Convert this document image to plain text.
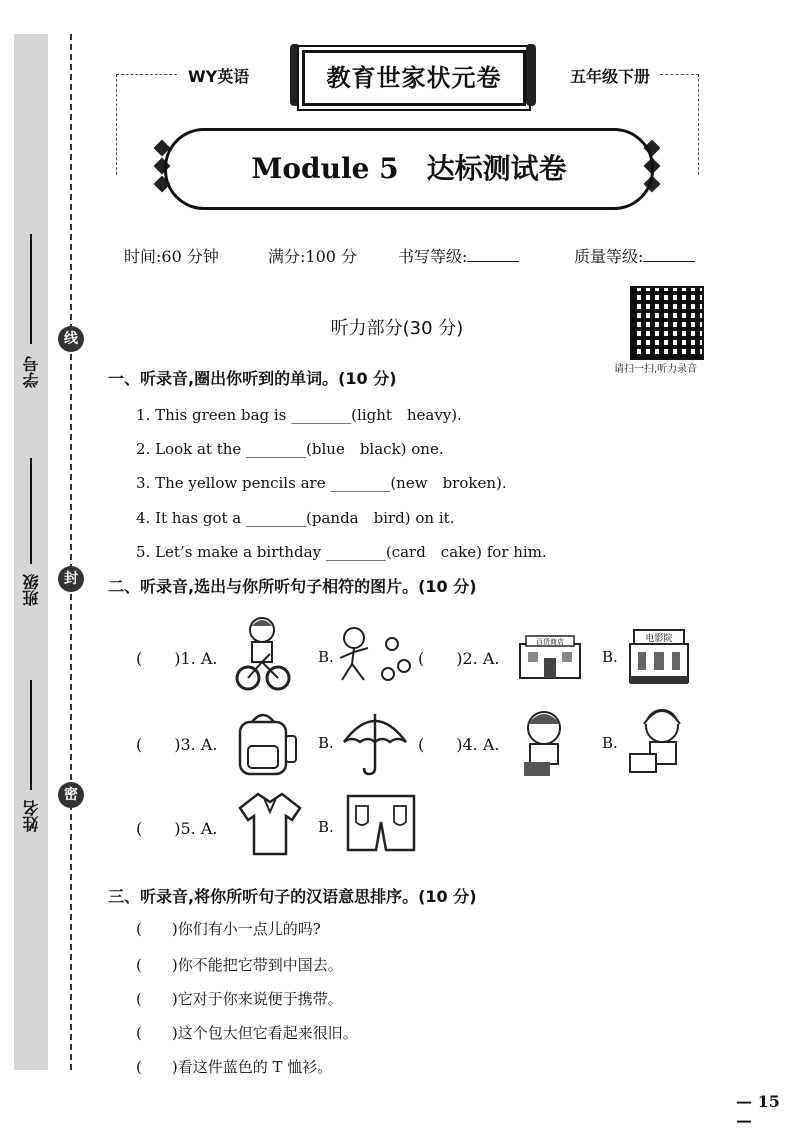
学号
班级
姓名
线
封
密
WY英语	教育世家状元卷	五年级下册
Module 5　达标测试卷
时间:60 分钟	满分:100 分	书写等级:	质量等级:
听力部分(30 分)
请扫一扫,听力录音
一、听录音,圈出你听到的单词。(10 分)
1. This green bag is ________(light　heavy).
2. Look at the ________(blue　black) one.
3. The yellow pencils are ________(new　broken).
4. It has got a ________(panda　bird) on it.
5. Let’s make a birthday ________(card　cake) for him.
二、听录音,选出与你所听句子相符的图片。(10 分)
(　　)1. A.	B.	(　　)2. A.
百货商店
B.
电影院
(　　)3. A.	B.	(　　)4. A.	B.
(　　)5. A.	B.
三、听录音,将你所听句子的汉语意思排序。(10 分)
(　　)你们有小一点儿的吗?
(　　)你不能把它带到中国去。
(　　)它对于你来说便于携带。
(　　)这个包大但它看起来很旧。
(　　)看这件蓝色的 T 恤衫。
— 15 —
